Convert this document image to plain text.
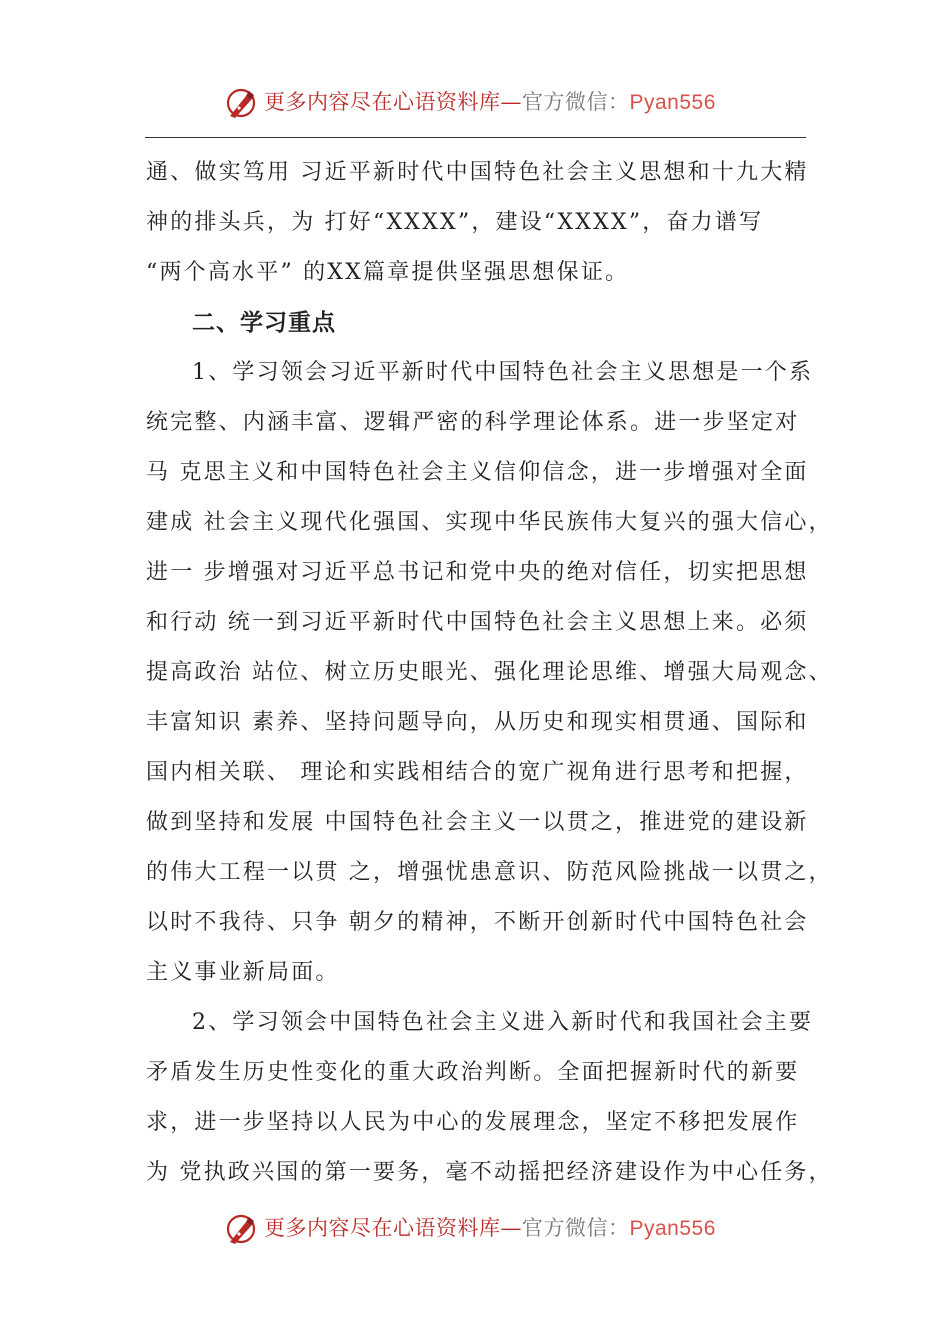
更多内容尽在心语资料库—官方微信：Pyan556
通、做实笃用 习近平新时代中国特色社会主义思想和十九大精
神的排头兵，为 打好“XXXX”，建设“XXXX”，奋力谱写
“两个高水平” 的XX篇章提供坚强思想保证。
二、学习重点
1、学习领会习近平新时代中国特色社会主义思想是一个系
统完整、内涵丰富、逻辑严密的科学理论体系。进一步坚定对
马 克思主义和中国特色社会主义信仰信念，进一步增强对全面
建成 社会主义现代化强国、实现中华民族伟大复兴的强大信心，
进一 步增强对习近平总书记和党中央的绝对信任，切实把思想
和行动 统一到习近平新时代中国特色社会主义思想上来。必须
提高政治 站位、树立历史眼光、强化理论思维、增强大局观念、
丰富知识 素养、坚持问题导向，从历史和现实相贯通、国际和
国内相关联、 理论和实践相结合的宽广视角进行思考和把握，
做到坚持和发展 中国特色社会主义一以贯之，推进党的建设新
的伟大工程一以贯 之，增强忧患意识、防范风险挑战一以贯之，
以时不我待、只争 朝夕的精神，不断开创新时代中国特色社会
主义事业新局面。
2、学习领会中国特色社会主义进入新时代和我国社会主要
矛盾发生历史性变化的重大政治判断。全面把握新时代的新要
求，进一步坚持以人民为中心的发展理念，坚定不移把发展作
为 党执政兴国的第一要务，毫不动摇把经济建设作为中心任务，
更多内容尽在心语资料库—官方微信：Pyan556
